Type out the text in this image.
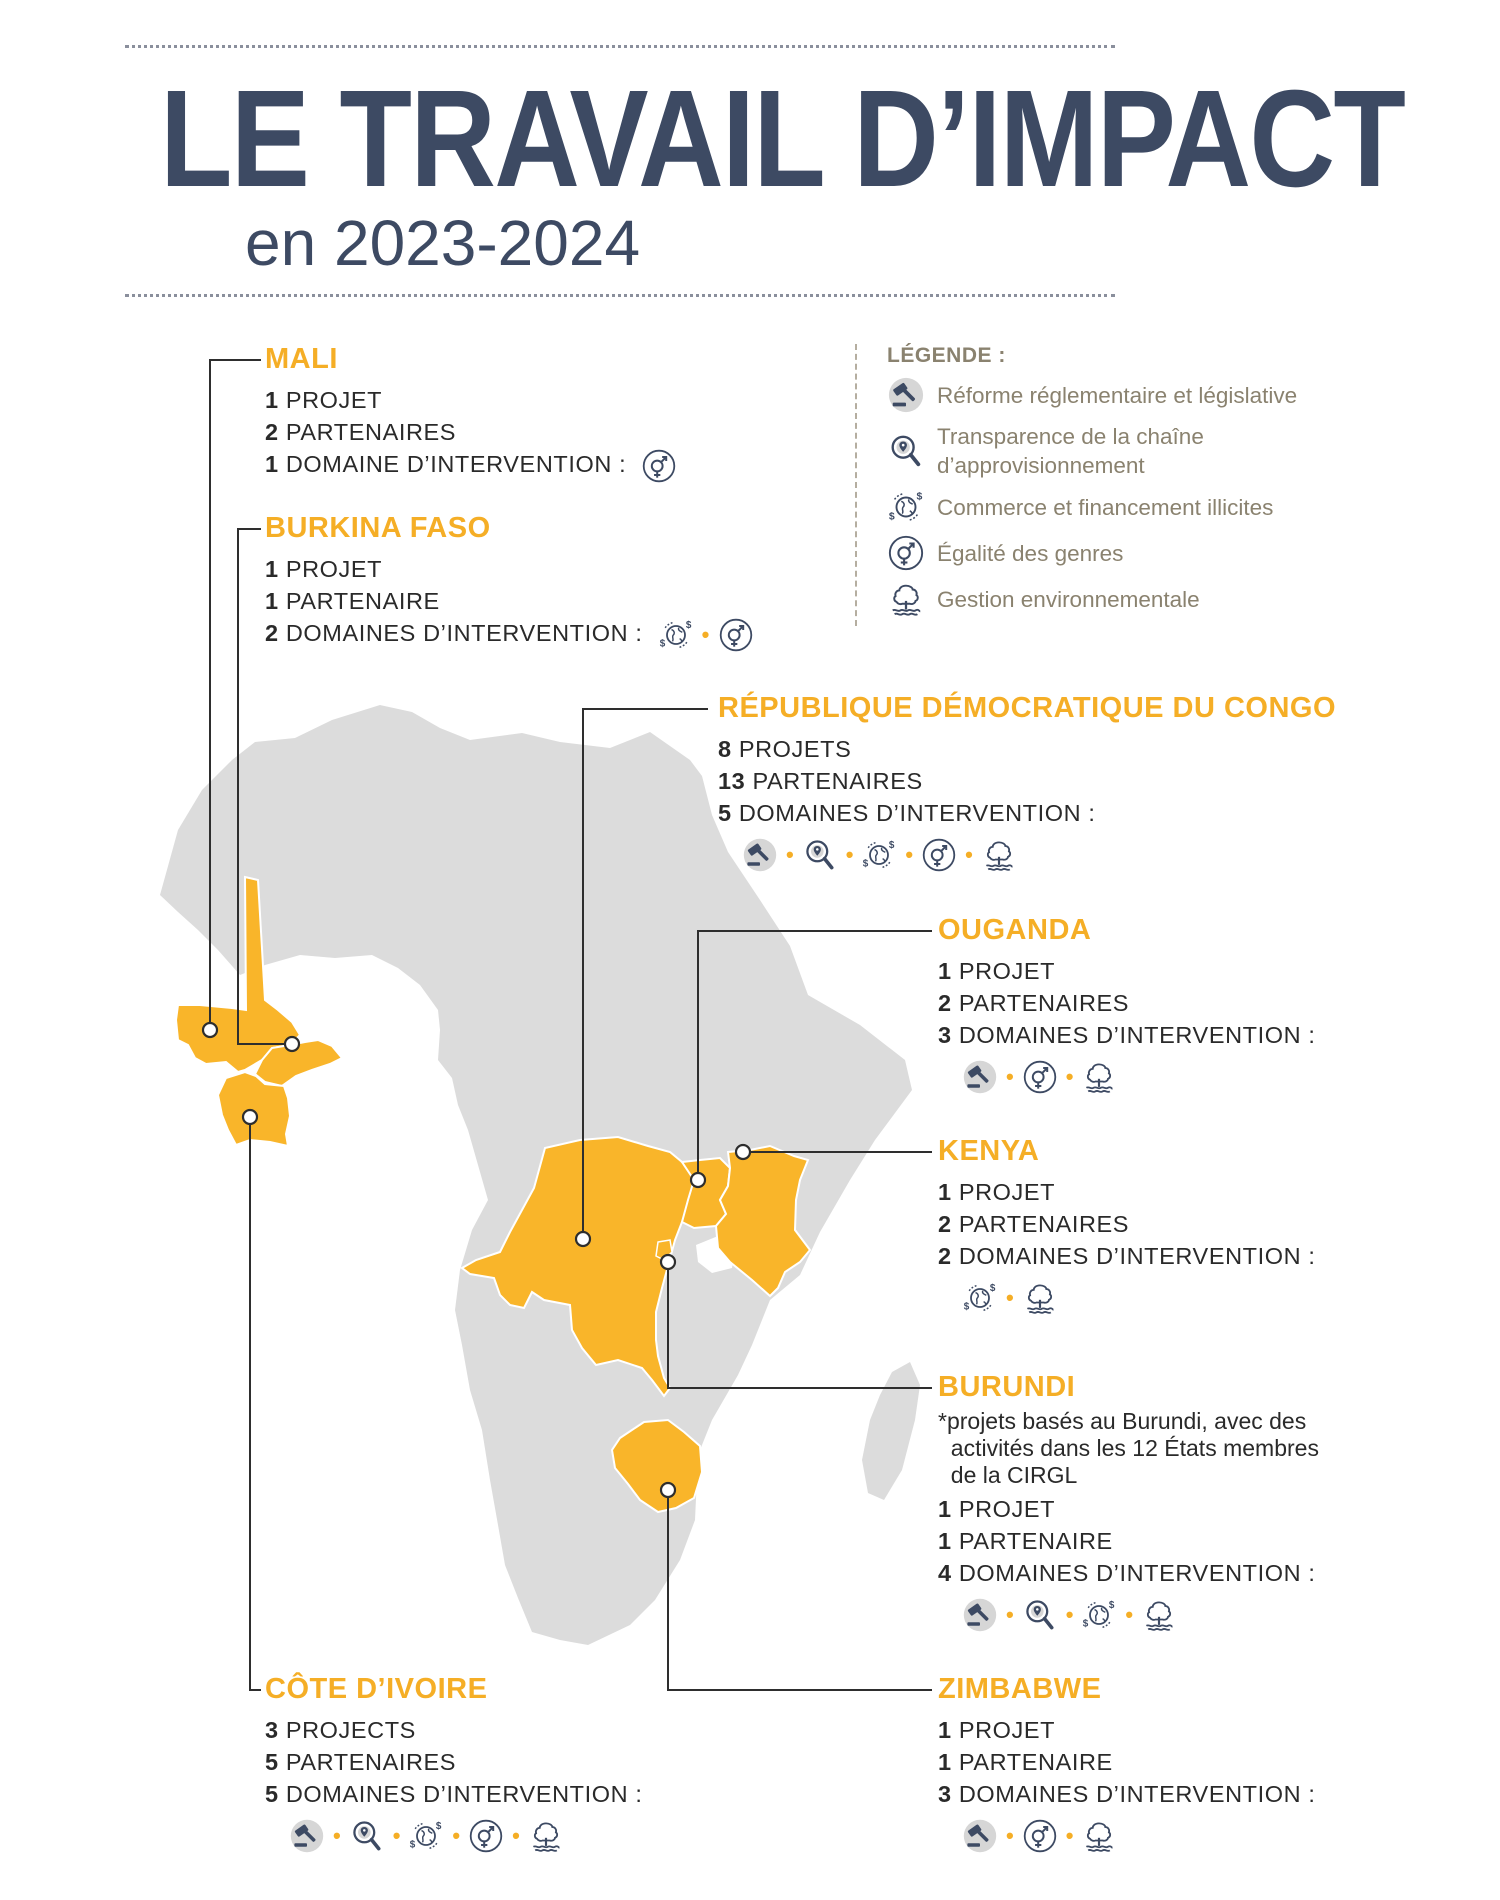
LE TRAVAIL D’IMPACT
en 2023-2024
LÉGENDE :
Réforme réglementaire et législative
Transparence de la chaîne
d’approvisionnement
Commerce et financement illicites
Égalité des genres
Gestion environnementale
MALI
1 PROJET
2 PARTENAIRES
1 DOMAINE D’INTERVENTION :
BURKINA FASO
1 PROJET
1 PARTENAIRE
2 DOMAINES D’INTERVENTION :	•
RÉPUBLIQUE DÉMOCRATIQUE DU CONGO
8 PROJETS
13 PARTENAIRES
5 DOMAINES D’INTERVENTION :
• • • •
OUGANDA
1 PROJET
2 PARTENAIRES
3 DOMAINES D’INTERVENTION :
• •
KENYA
1 PROJET
2 PARTENAIRES
2 DOMAINES D’INTERVENTION :
•
BURUNDI
*projets basés au Burundi, avec des
activités dans les 12 États membres
de la CIRGL
1 PROJET
1 PARTENAIRE
4 DOMAINES D’INTERVENTION :
• • •
CÔTE D’IVOIRE
3 PROJECTS
5 PARTENAIRES
5 DOMAINES D’INTERVENTION :
• • • •
ZIMBABWE
1 PROJET
1 PARTENAIRE
3 DOMAINES D’INTERVENTION :
• •
